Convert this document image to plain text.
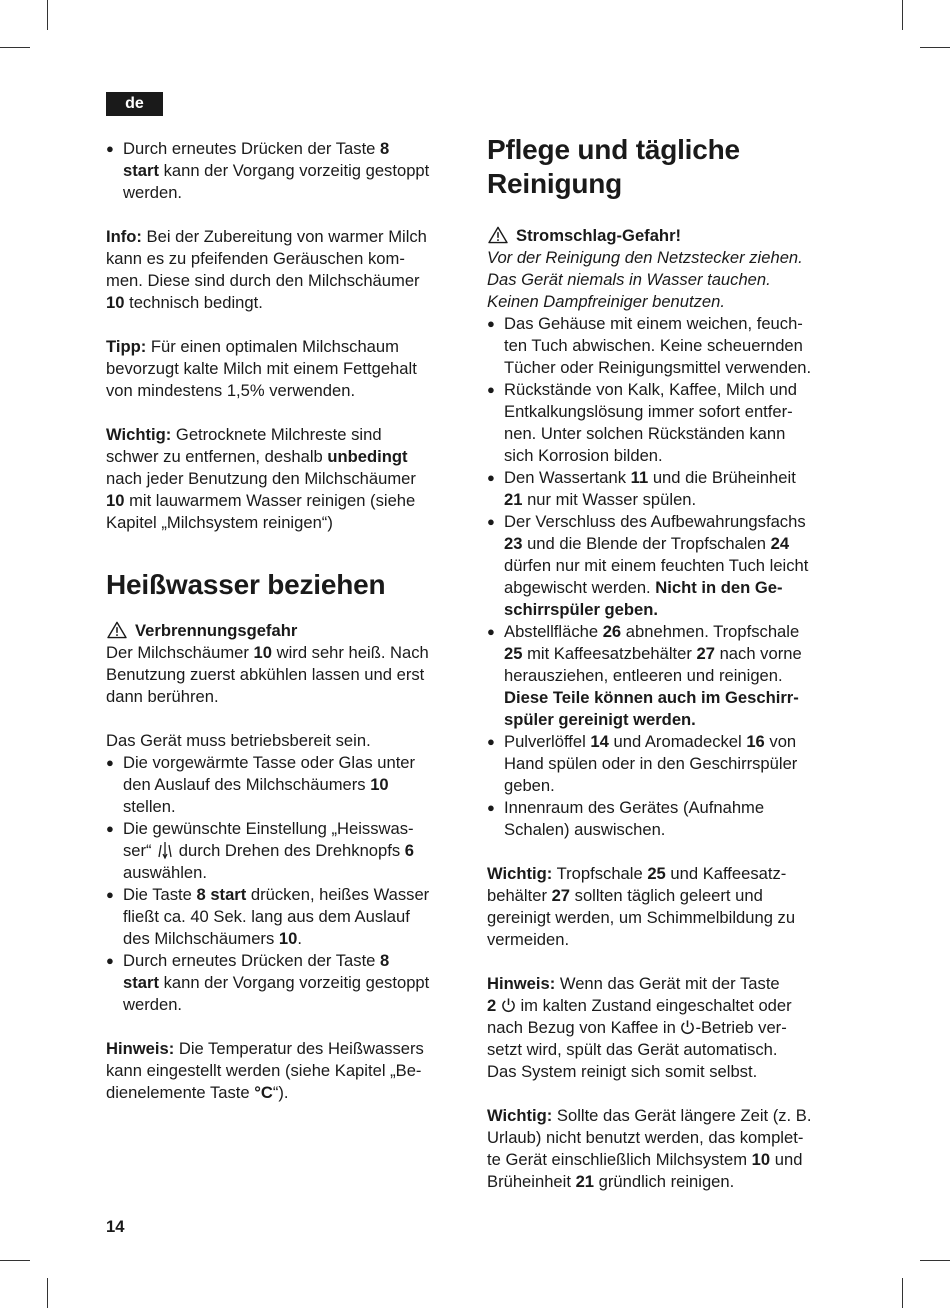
de
● Durch erneutes Drücken der Taste 8
start kann der Vorgang vorzeitig gestoppt
werden.

Info: Bei der Zubereitung von warmer Milch
kann es zu pfeifenden Geräuschen kom-
men. Diese sind durch den Milchschäumer
10 technisch bedingt.

Tipp: Für einen optimalen Milchschaum
bevorzugt kalte Milch mit einem Fettgehalt
von mindestens 1,5% verwenden.

Wichtig: Getrocknete Milchreste sind
schwer zu entfernen, deshalb unbedingt
nach jeder Benutzung den Milchschäumer
10 mit lauwarmem Wasser reinigen (siehe
Kapitel „Milchsystem reinigen“)

Heißwasser beziehen

Verbrennungsgefahr
Der Milchschäumer 10 wird sehr heiß. Nach
Benutzung zuerst abkühlen lassen und erst
dann berühren.

Das Gerät muss betriebsbereit sein.

● Die vorgewärmte Tasse oder Glas unter
den Auslauf des Milchschäumers 10
stellen.
● Die gewünschte Einstellung „Heisswas-
ser“  durch Drehen des Drehknopfs 6
auswählen.
● Die Taste 8 start drücken, heißes Wasser
fließt ca. 40 Sek. lang aus dem Auslauf
des Milchschäumers 10.
● Durch erneutes Drücken der Taste 8
start kann der Vorgang vorzeitig gestoppt
werden.

Hinweis: Die Temperatur des Heißwassers
kann eingestellt werden (siehe Kapitel „Be-
dienelemente Taste °C“).

Pflege und tägliche
Reinigung

Stromschlag-Gefahr!
Vor der Reinigung den Netzstecker ziehen.
Das Gerät niemals in Wasser tauchen.
Keinen Dampfreiniger benutzen.

● Das Gehäuse mit einem weichen, feuch-
ten Tuch abwischen. Keine scheuernden
Tücher oder Reinigungsmittel verwenden.
● Rückstände von Kalk, Kaffee, Milch und
Entkalkungslösung immer sofort entfer-
nen. Unter solchen Rückständen kann
sich Korrosion bilden.
● Den Wassertank 11 und die Brüheinheit
21 nur mit Wasser spülen.
● Der Verschluss des Aufbewahrungsfachs
23 und die Blende der Tropfschalen 24
dürfen nur mit einem feuchten Tuch leicht
abgewischt werden. Nicht in den Ge-
schirrspüler geben.
● Abstellfläche 26 abnehmen. Tropfschale
25 mit Kaffeesatzbehälter 27 nach vorne
herausziehen, entleeren und reinigen.
Diese Teile können auch im Geschirr-
spüler gereinigt werden.
● Pulverlöffel 14 und Aromadeckel 16 von
Hand spülen oder in den Geschirrspüler
geben.
● Innenraum des Gerätes (Aufnahme
Schalen) auswischen.

Wichtig: Tropfschale 25 und Kaffeesatz-
behälter 27 sollten täglich geleert und
gereinigt werden, um Schimmelbildung zu
vermeiden.

Hinweis: Wenn das Gerät mit der Taste
2  im kalten Zustand eingeschaltet oder
nach Bezug von Kaffee in -Betrieb ver-
setzt wird, spült das Gerät automatisch.
Das System reinigt sich somit selbst.

Wichtig: Sollte das Gerät längere Zeit (z. B.
Urlaub) nicht benutzt werden, das komplet-
te Gerät einschließlich Milchsystem 10 und
Brüheinheit 21 gründlich reinigen.

14
